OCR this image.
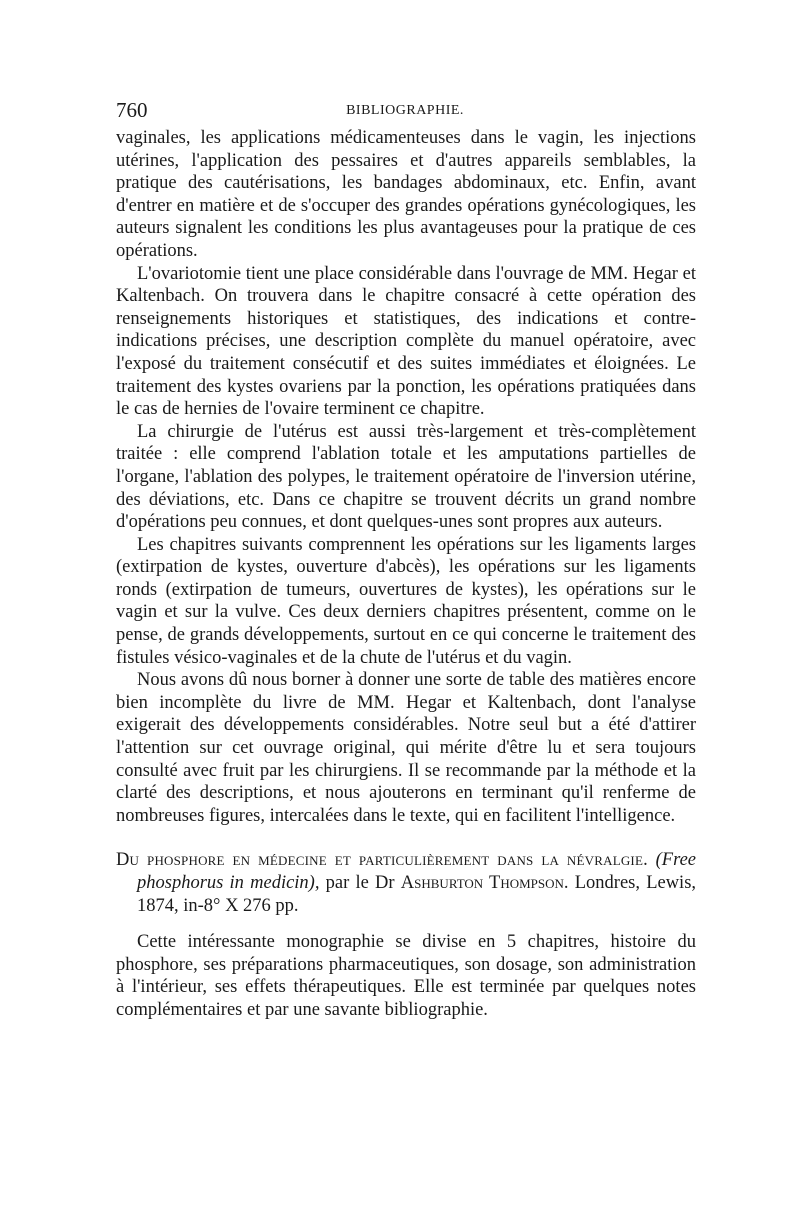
760	BIBLIOGRAPHIE.

vaginales, les applications médicamenteuses dans le vagin, les injections utérines, l'application des pessaires et d'autres appareils semblables, la pratique des cautérisations, les bandages abdominaux, etc. Enfin, avant d'entrer en matière et de s'occuper des grandes opérations gynécologiques, les auteurs signalent les conditions les plus avantageuses pour la pratique de ces opérations.

L'ovariotomie tient une place considérable dans l'ouvrage de MM. Hegar et Kaltenbach. On trouvera dans le chapitre consacré à cette opération des renseignements historiques et statistiques, des indications et contre-indications précises, une description complète du manuel opératoire, avec l'exposé du traitement consécutif et des suites immédiates et éloignées. Le traitement des kystes ovariens par la ponction, les opérations pratiquées dans le cas de hernies de l'ovaire terminent ce chapitre.

La chirurgie de l'utérus est aussi très-largement et très-complètement traitée : elle comprend l'ablation totale et les amputations partielles de l'organe, l'ablation des polypes, le traitement opératoire de l'inversion utérine, des déviations, etc. Dans ce chapitre se trouvent décrits un grand nombre d'opérations peu connues, et dont quelques-unes sont propres aux auteurs.

Les chapitres suivants comprennent les opérations sur les ligaments larges (extirpation de kystes, ouverture d'abcès), les opérations sur les ligaments ronds (extirpation de tumeurs, ouvertures de kystes), les opérations sur le vagin et sur la vulve. Ces deux derniers chapitres présentent, comme on le pense, de grands développements, surtout en ce qui concerne le traitement des fistules vésico-vaginales et de la chute de l'utérus et du vagin.

Nous avons dû nous borner à donner une sorte de table des matières encore bien incomplète du livre de MM. Hegar et Kaltenbach, dont l'analyse exigerait des développements considérables. Notre seul but a été d'attirer l'attention sur cet ouvrage original, qui mérite d'être lu et sera toujours consulté avec fruit par les chirurgiens. Il se recommande par la méthode et la clarté des descriptions, et nous ajouterons en terminant qu'il renferme de nombreuses figures, intercalées dans le texte, qui en facilitent l'intelligence.

Du phosphore en médecine et particulièrement dans la névralgie. (Free phosphorus in medicin), par le Dr Ashburton Thompson. Londres, Lewis, 1874, in-8° X 276 pp.

Cette intéressante monographie se divise en 5 chapitres, histoire du phosphore, ses préparations pharmaceutiques, son dosage, son administration à l'intérieur, ses effets thérapeutiques. Elle est terminée par quelques notes complémentaires et par une savante bibliographie.
